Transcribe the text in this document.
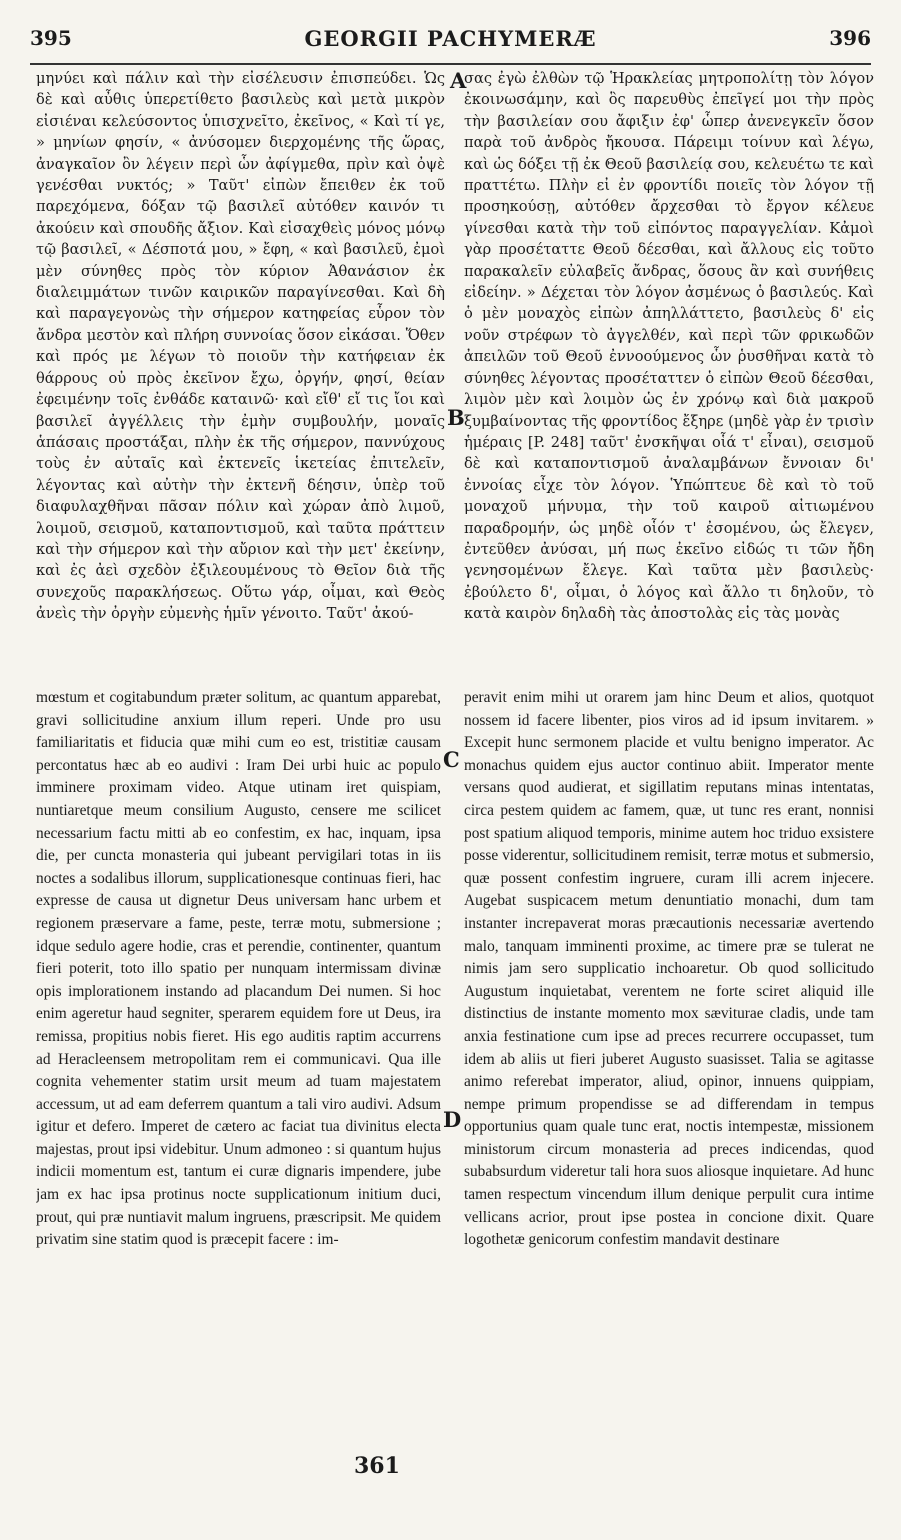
395	GEORGII PACHYMERÆ	396

μηνύει καὶ πάλιν καὶ τὴν εἰσέλευσιν ἐπισπεύδει. Ὡς δὲ καὶ αὖθις ὑπερετίθετο βασιλεὺς καὶ μετὰ μικρὸν εἰσιέναι κελεύσοντος ὑπισχνεῖτο, ἐκεῖνος, « Καὶ τί γε, » μηνίων φησίν, « ἀνύσομεν διερχομένης τῆς ὥρας, ἀναγκαῖον ὂν λέγειν περὶ ὧν ἀφίγμεθα, πρὶν καὶ ὀψὲ γενέσθαι νυκτός; » Ταῦτ' εἰπὼν ἔπειθεν ἐκ τοῦ παρεχόμενα, δόξαν τῷ βασιλεῖ αὐτόθεν καινόν τι ἀκούειν καὶ σπουδῆς ἄξιον. Καὶ εἰσαχθεὶς μόνος μόνῳ τῷ βασιλεῖ, « Δέσποτά μου, » ἔφη, « καὶ βασιλεῦ, ἐμοὶ μὲν σύνηθες πρὸς τὸν κύριον Ἀθανάσιον ἐκ διαλειμμάτων τινῶν καιρικῶν παραγίνεσθαι. Καὶ δὴ καὶ παραγεγονὼς τὴν σήμερον κατηφείας εὗρον τὸν ἄνδρα μεστὸν καὶ πλήρη συννοίας ὅσον εἰκάσαι. Ὅθεν καὶ πρός με λέγων τὸ ποιοῦν τὴν κατήφειαν ἐκ θάρρους οὐ πρὸς ἐκεῖνον ἔχω, ὀργήν, φησί, θείαν ἐφειμένην τοῖς ἐνθάδε καταινῶ· καὶ εἴθ' εἴ τις ἴοι καὶ βασιλεῖ ἀγγέλλεις τὴν ἐμὴν συμβουλήν, μοναῖς ἁπάσαις προστάξαι, πλὴν ἐκ τῆς σήμερον, παννύχους τοὺς ἐν αὐταῖς καὶ ἐκτενεῖς ἱκετείας ἐπιτελεῖν, λέγοντας καὶ αὐτὴν τὴν ἐκτενῆ δέησιν, ὑπὲρ τοῦ διαφυλαχθῆναι πᾶσαν πόλιν καὶ χώραν ἀπὸ λιμοῦ, λοιμοῦ, σεισμοῦ, καταποντισμοῦ, καὶ ταῦτα πράττειν καὶ τὴν σήμερον καὶ τὴν αὔριον καὶ τὴν μετ' ἐκείνην, καὶ ἐς ἀεὶ σχεδὸν ἐξιλεουμένους τὸ Θεῖον διὰ τῆς συνεχοῦς παρακλήσεως. Οὕτω γάρ, οἶμαι, καὶ Θεὸς ἀνεὶς τὴν ὀργὴν εὐμενὴς ἡμῖν γένοιτο. Ταῦτ' ἀκού-

σας ἐγὼ ἐλθὼν τῷ Ἡρακλείας μητροπολίτῃ τὸν λόγον ἐκοινωσάμην, καὶ ὃς παρευθὺς ἐπεῖγεί μοι τὴν πρὸς τὴν βασιλείαν σου ἄφιξιν ἐφ' ὧπερ ἀνενεγκεῖν ὅσον παρὰ τοῦ ἀνδρὸς ἤκουσα. Πάρειμι τοίνυν καὶ λέγω, καὶ ὡς δόξει τῇ ἐκ Θεοῦ βασιλείᾳ σου, κελευέτω τε καὶ πραττέτω. Πλὴν εἰ ἐν φροντίδι ποιεῖς τὸν λόγον τῇ προσηκούσῃ, αὐτόθεν ἄρχεσθαι τὸ ἔργον κέλευε γίνεσθαι κατὰ τὴν τοῦ εἰπόντος παραγγελίαν. Κἀμοὶ γὰρ προσέταττε Θεοῦ δέεσθαι, καὶ ἄλλους εἰς τοῦτο παρακαλεῖν εὐλαβεῖς ἄνδρας, ὅσους ἂν καὶ συνήθεις εἰδείην. » Δέχεται τὸν λόγον ἀσμένως ὁ βασιλεύς. Καὶ ὁ μὲν μοναχὸς εἰπὼν ἀπηλλάττετο, βασιλεὺς δ' εἰς νοῦν στρέφων τὸ ἀγγελθέν, καὶ περὶ τῶν φρικωδῶν ἀπειλῶν τοῦ Θεοῦ ἐννοούμενος ὧν ῥυσθῆναι κατὰ τὸ σύνηθες λέγοντας προσέταττεν ὁ εἰπὼν Θεοῦ δέεσθαι, λιμὸν μὲν καὶ λοιμὸν ὡς ἐν χρόνῳ καὶ διὰ μακροῦ ξυμβαίνοντας τῆς φροντίδος ἔξηρε (μηδὲ γὰρ ἐν τρισὶν ἡμέραις [P. 248] ταῦτ' ἐνσκῆψαι οἷά τ' εἶναι), σεισμοῦ δὲ καὶ καταποντισμοῦ ἀναλαμβάνων ἔννοιαν δι' ἐννοίας εἶχε τὸν λόγον. Ὑπώπτευε δὲ καὶ τὸ τοῦ μοναχοῦ μήνυμα, τὴν τοῦ καιροῦ αἰτιωμένου παραδρομήν, ὡς μηδὲ οἷόν τ' ἐσομένου, ὡς ἔλεγεν, ἐντεῦθεν ἀνύσαι, μή πως ἐκεῖνο εἰδώς τι τῶν ἤδη γενησομένων ἔλεγε. Καὶ ταῦτα μὲν βασιλεὺς· ἐβούλετο δ', οἶμαι, ὁ λόγος καὶ ἄλλο τι δηλοῦν, τὸ κατὰ καιρὸν δηλαδὴ τὰς ἀποστολὰς εἰς τὰς μονὰς

A
B
C
D

mœstum et cogitabundum præter solitum, ac quantum apparebat, gravi sollicitudine anxium illum reperi. Unde pro usu familiaritatis et fiducia quæ mihi cum eo est, tristitiæ causam percontatus hæc ab eo audivi : Iram Dei urbi huic ac populo imminere proximam video. Atque utinam iret quispiam, nuntiaretque meum consilium Augusto, censere me scilicet necessarium factu mitti ab eo confestim, ex hac, inquam, ipsa die, per cuncta monasteria qui jubeant pervigilari totas in iis noctes a sodalibus illorum, supplicationesque continuas fieri, hac expresse de causa ut dignetur Deus universam hanc urbem et regionem præservare a fame, peste, terræ motu, submersione ; idque sedulo agere hodie, cras et perendie, continenter, quantum fieri poterit, toto illo spatio per nunquam intermissam divinæ opis implorationem instando ad placandum Dei numen. Si hoc enim ageretur haud segniter, sperarem equidem fore ut Deus, ira remissa, propitius nobis fieret. His ego auditis raptim accurrens ad Heracleensem metropolitam rem ei communicavi. Qua ille cognita vehementer statim ursit meum ad tuam majestatem accessum, ut ad eam deferrem quantum a tali viro audivi. Adsum igitur et defero. Imperet de cætero ac faciat tua divinitus electa majestas, prout ipsi videbitur. Unum admoneo : si quantum hujus indicii momentum est, tantum ei curæ dignaris impendere, jube jam ex hac ipsa protinus nocte supplicationum initium duci, prout, qui præ nuntiavit malum ingruens, præscripsit. Me quidem privatim sine statim quod is præcepit facere : im-

peravit enim mihi ut orarem jam hinc Deum et alios, quotquot nossem id facere libenter, pios viros ad id ipsum invitarem. » Excepit hunc sermonem placide et vultu benigno imperator. Ac monachus quidem ejus auctor continuo abiit. Imperator mente versans quod audierat, et sigillatim reputans minas intentatas, circa pestem quidem ac famem, quæ, ut tunc res erant, nonnisi post spatium aliquod temporis, minime autem hoc triduo exsistere posse viderentur, sollicitudinem remisit, terræ motus et submersio, quæ possent confestim ingruere, curam illi acrem injecere. Augebat suspicacem metum denuntiatio monachi, dum tam instanter increpaverat moras præcautionis necessariæ avertendo malo, tanquam imminenti proxime, ac timere præ se tulerat ne nimis jam sero supplicatio inchoaretur. Ob quod sollicitudo Augustum inquietabat, verentem ne forte sciret aliquid ille distinctius de instante momento mox sæviturae cladis, unde tam anxia festinatione cum ipse ad preces recurrere occupasset, tum idem ab aliis ut fieri juberet Augusto suasisset. Talia se agitasse animo referebat imperator, aliud, opinor, innuens quippiam, nempe primum propendisse se ad differendam in tempus opportunius quam quale tunc erat, noctis intempestæ, missionem ministorum circum monasteria ad preces indicendas, quod subabsurdum videretur tali hora suos aliosque inquietare. Ad hunc tamen respectum vincendum illum denique perpulit cura intime vellicans acrior, prout ipse postea in concione dixit. Quare logothetæ genicorum confestim mandavit destinare

361
